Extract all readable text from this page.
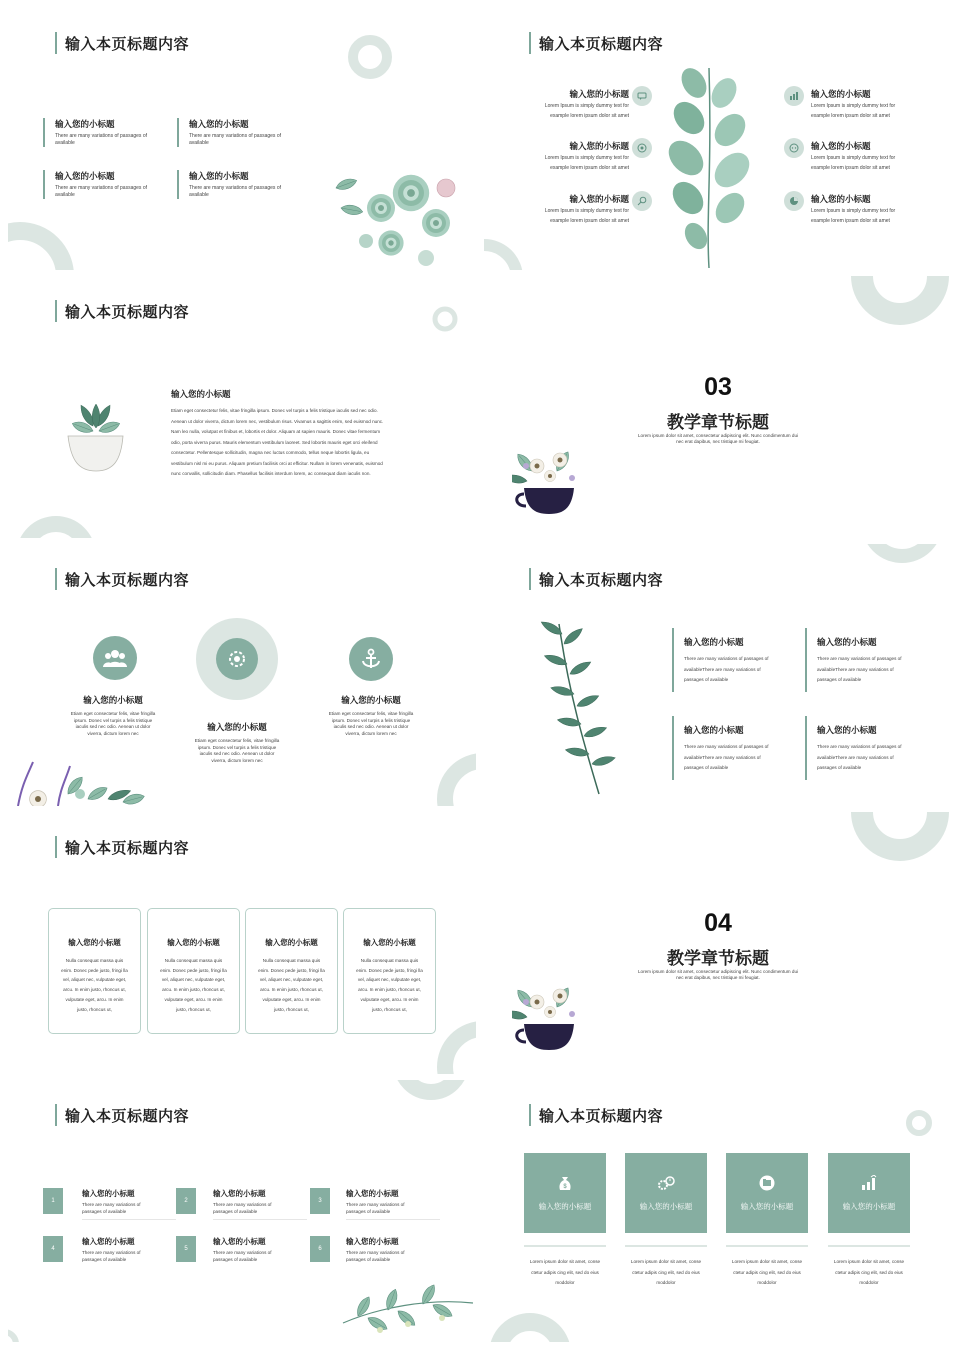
输入本页标题内容
输入您的小标题
There are many variations of passages of available
输入您的小标题
There are many variations of passages of available
输入您的小标题
There are many variations of passages of available
输入您的小标题
There are many variations of passages of available
输入本页标题内容
输入您的小标题
Lorem Ipsum is simply dummy text for
example lorem ipsum dolor sit amet
输入您的小标题
Lorem Ipsum is simply dummy text for
example lorem ipsum dolor sit amet
输入您的小标题
Lorem Ipsum is simply dummy text for
example lorem ipsum dolor sit amet
输入您的小标题
Lorem Ipsum is simply dummy text for
example lorem ipsum dolor sit amet
输入您的小标题
Lorem Ipsum is simply dummy text for
example lorem ipsum dolor sit amet
输入您的小标题
Lorem Ipsum is simply dummy text for
example lorem ipsum dolor sit amet
输入本页标题内容
输入您的小标题
Etiam eget consectetur felis, vitae fringilla ipsum. Donec vel turpis a felis tristique iaculis sed nec odio.
Aenean ut dolor viverra, dictum lorem nec, vestibulum risus. Vivamus a sagittis enim, sed euismod nunc.
Nam leo nulla, volutpat et finibus et, lobortis et dolor. Aliquam at sapien mauris. Donec vitae fermentum
odio, porta viverra purus. Mauris elementum vestibulum laoreet. Sed lobortis mauris eget orci eleifend
consectetur. Pellentesque sollicitudin, magna nec luctus commodo, tellus neque lobortis ligula, eu
vestibulum nisl mi eu purus. Aliquam pretium facilisis orci at efficitur. Nullam in lorem venenatis, euismod
nunc convallis, sollicitudin diam. Phasellus facilisis interdum lorem, ac consequat diam iaculis non.
03
教学章节标题
Lorem ipsum dolor sit amet, consectetur adipiscing elit. Nunc condimentum dui
nec erat dapibus, nec tristique mi feugiat.
输入本页标题内容
输入您的小标题
Etiam eget consectetur felis, vitae fringilla
ipsum. Donec vel turpis a felis tristique
iaculis sed nec odio. Aenean ut dolor
viverra, dictum lorem nec
输入您的小标题
Etiam eget consectetur felis, vitae fringilla
ipsum. Donec vel turpis a felis tristique
iaculis sed nec odio. Aenean ut dolor
viverra, dictum lorem nec
输入您的小标题
Etiam eget consectetur felis, vitae fringilla
ipsum. Donec vel turpis a felis tristique
iaculis sed nec odio. Aenean ut dolor
viverra, dictum lorem nec
输入本页标题内容
输入您的小标题
There are many variations of passages of
availableThere are many variations of
passages of available
输入您的小标题
There are many variations of passages of
availableThere are many variations of
passages of available
输入您的小标题
There are many variations of passages of
availableThere are many variations of
passages of available
输入您的小标题
There are many variations of passages of
availableThere are many variations of
passages of available
输入本页标题内容
输入您的小标题
Nulla consequat massa quis
enim. Donec pede justo, fringi lla
vel, aliquet nec, vulputate eget,
arcu. In enim justo, rhoncus ut,
vulputate eget, arcu. In enim
justo, rhoncus ut,
输入您的小标题
Nulla consequat massa quis
enim. Donec pede justo, fringi lla
vel, aliquet nec, vulputate eget,
arcu. In enim justo, rhoncus ut,
vulputate eget, arcu. In enim
justo, rhoncus ut,
输入您的小标题
Nulla consequat massa quis
enim. Donec pede justo, fringi lla
vel, aliquet nec, vulputate eget,
arcu. In enim justo, rhoncus ut,
vulputate eget, arcu. In enim
justo, rhoncus ut,
输入您的小标题
Nulla consequat massa quis
enim. Donec pede justo, fringi lla
vel, aliquet nec, vulputate eget,
arcu. In enim justo, rhoncus ut,
vulputate eget, arcu. In enim
justo, rhoncus ut,
04
教学章节标题
Lorem ipsum dolor sit amet, consectetur adipiscing elit. Nunc condimentum dui
nec erat dapibus, nec tristique mi feugiat.
输入本页标题内容
1
输入您的小标题
There are many variations of
passages of available
2
输入您的小标题
There are many variations of
passages of available
3
输入您的小标题
There are many variations of
passages of available
4
输入您的小标题
There are many variations of
passages of available
5
输入您的小标题
There are many variations of
passages of available
6
输入您的小标题
There are many variations of
passages of available
输入本页标题内容
$
输入您的小标题	输入您的小标题	输入您的小标题	输入您的小标题
Lorem ipsum dolor sit amet, conse
ctetur adipis cing elit, sed do eius
moddolor
Lorem ipsum dolor sit amet, conse
ctetur adipis cing elit, sed do eius
moddolor
Lorem ipsum dolor sit amet, conse
ctetur adipis cing elit, sed do eius
moddolor
Lorem ipsum dolor sit amet, conse
ctetur adipis cing elit, sed do eius
moddolor
